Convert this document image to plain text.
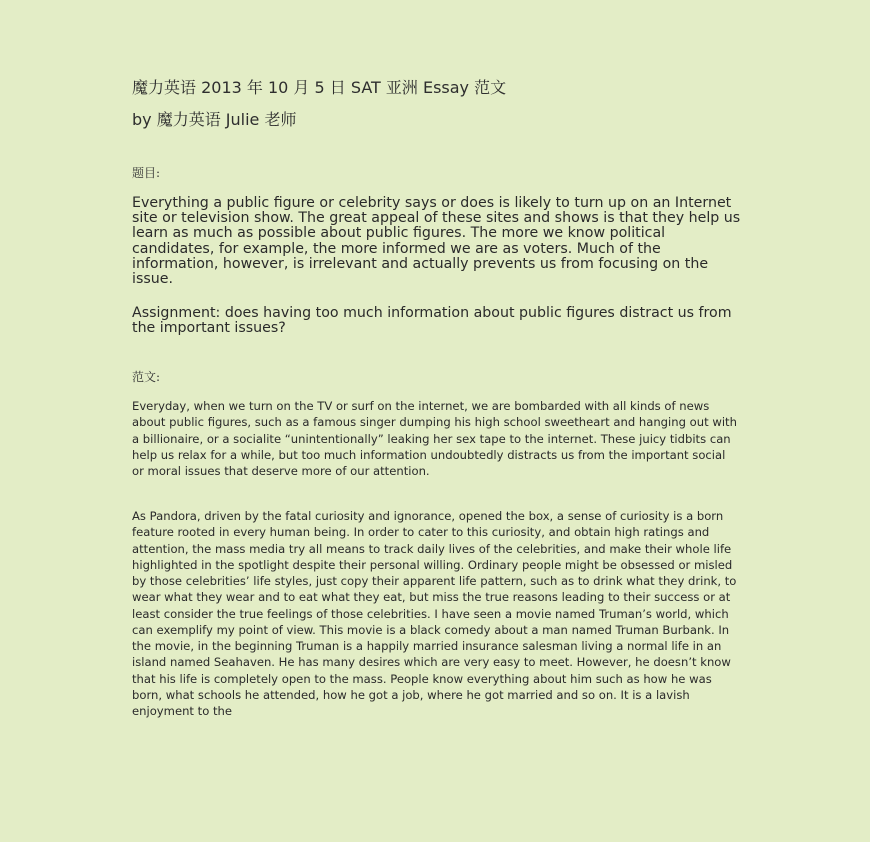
魔力英语 2013 年 10 月 5 日 SAT 亚洲 Essay 范文
by 魔力英语 Julie 老师
题目:
Everything a public figure or celebrity says or does is likely to turn up on an Internet site or television show. The great appeal of these sites and shows is that they help us learn as much as possible about public figures. The more we know political candidates, for example, the more informed we are as voters. Much of the information, however, is irrelevant and actually prevents us from focusing on the issue.
Assignment: does having too much information about public figures distract us from the important issues?
范文:
Everyday, when we turn on the TV or surf on the internet, we are bombarded with all kinds of news about public figures, such as a famous singer dumping his high school sweetheart and hanging out with a billionaire, or a socialite “unintentionally” leaking her sex tape to the internet. These juicy tidbits can help us relax for a while, but too much information undoubtedly distracts us from the important social or moral issues that deserve more of our attention.
As Pandora, driven by the fatal curiosity and ignorance, opened the box, a sense of curiosity is a born feature rooted in every human being. In order to cater to this curiosity, and obtain high ratings and attention, the mass media try all means to track daily lives of the celebrities, and make their whole life highlighted in the spotlight despite their personal willing. Ordinary people might be obsessed or misled by those celebrities’ life styles, just copy their apparent life pattern, such as to drink what they drink, to wear what they wear and to eat what they eat, but miss the true reasons leading to their success or at least consider the true feelings of those celebrities. I have seen a movie named Truman’s world, which can exemplify my point of view. This movie is a black comedy about a man named Truman Burbank. In the movie, in the beginning Truman is a happily married insurance salesman living a normal life in an island named Seahaven. He has many desires which are very easy to meet. However, he doesn’t know that his life is completely open to the mass. People know everything about him such as how he was born, what schools he attended, how he got a job, where he got married and so on. It is a lavish enjoyment to the
